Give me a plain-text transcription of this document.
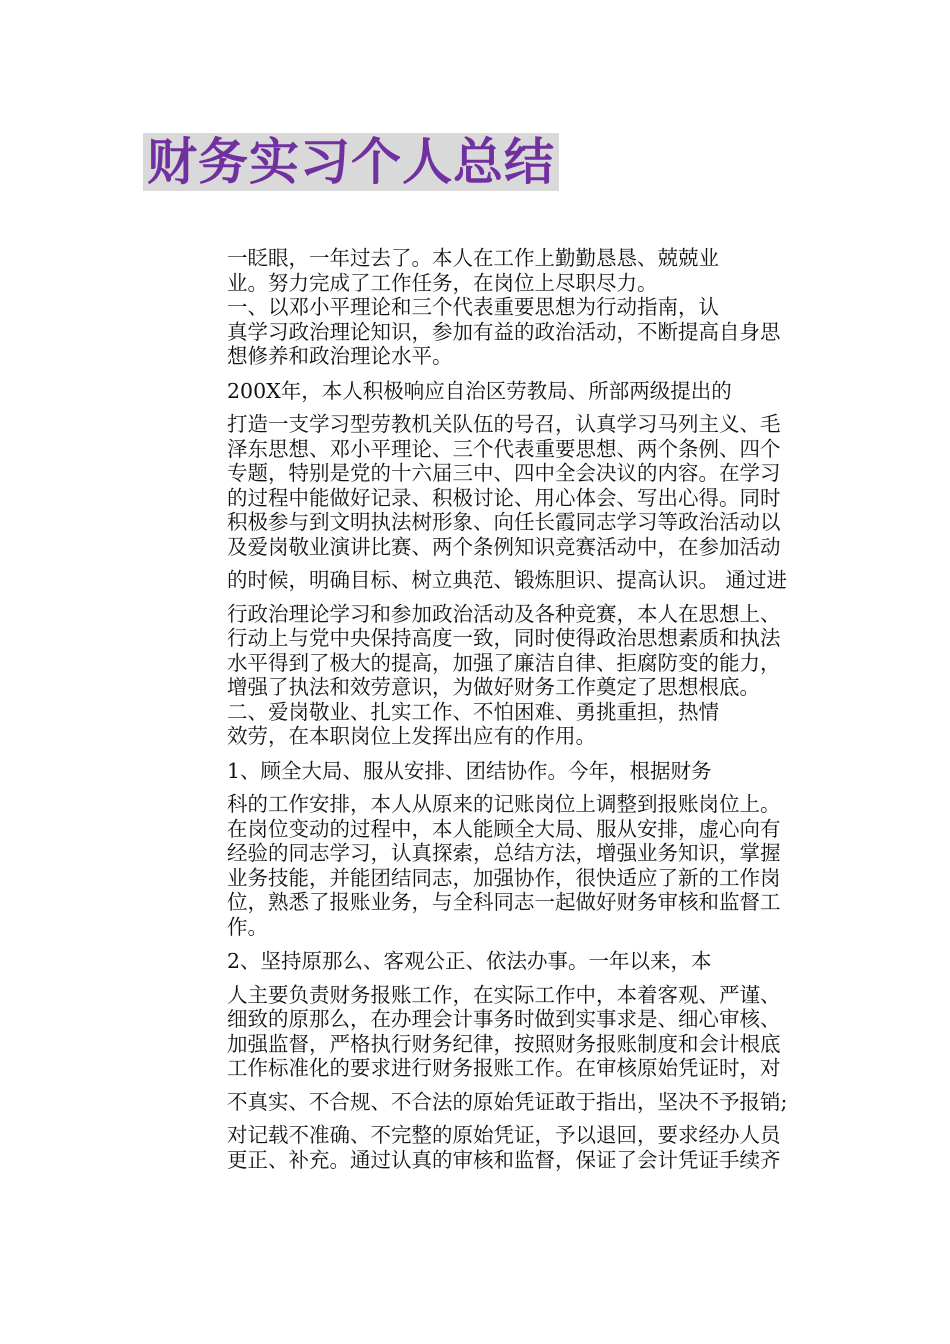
财务实习个人总结

一眨眼，一年过去了。本人在工作上勤勤恳恳、兢兢业
业。努力完成了工作任务，在岗位上尽职尽力。

一、以邓小平理论和三个代表重要思想为行动指南，认
真学习政治理论知识，参加有益的政治活动，不断提高自身思
想修养和政治理论水平。

200X年，本人积极响应自治区劳教局、所部两级提出的
打造一支学习型劳教机关队伍的号召，认真学习马列主义、毛
泽东思想、邓小平理论、三个代表重要思想、两个条例、四个
专题，特别是党的十六届三中、四中全会决议的内容。在学习
的过程中能做好记录、积极讨论、用心体会、写出心得。同时
积极参与到文明执法树形象、向任长霞同志学习等政治活动以
及爱岗敬业演讲比赛、两个条例知识竞赛活动中，在参加活动
的时候，明确目标、树立典范、锻炼胆识、提高认识。 通过进
行政治理论学习和参加政治活动及各种竞赛，本人在思想上、
行动上与党中央保持高度一致，同时使得政治思想素质和执法
水平得到了极大的提高，加强了廉洁自律、拒腐防变的能力，
增强了执法和效劳意识，为做好财务工作奠定了思想根底。

二、爱岗敬业、扎实工作、不怕困难、勇挑重担，热情
效劳，在本职岗位上发挥出应有的作用。

1、顾全大局、服从安排、团结协作。今年，根据财务
科的工作安排，本人从原来的记账岗位上调整到报账岗位上。
在岗位变动的过程中，本人能顾全大局、服从安排，虚心向有
经验的同志学习，认真探索，总结方法，增强业务知识，掌握
业务技能，并能团结同志，加强协作，很快适应了新的工作岗
位，熟悉了报账业务，与全科同志一起做好财务审核和监督工
作。

2、坚持原那么、客观公正、依法办事。一年以来，本
人主要负责财务报账工作，在实际工作中，本着客观、严谨、
细致的原那么，在办理会计事务时做到实事求是、细心审核、
加强监督，严格执行财务纪律，按照财务报账制度和会计根底
工作标准化的要求进行财务报账工作。在审核原始凭证时，对
不真实、不合规、不合法的原始凭证敢于指出，坚决不予报销;
对记载不准确、不完整的原始凭证，予以退回，要求经办人员
更正、补充。通过认真的审核和监督，保证了会计凭证手续齐
